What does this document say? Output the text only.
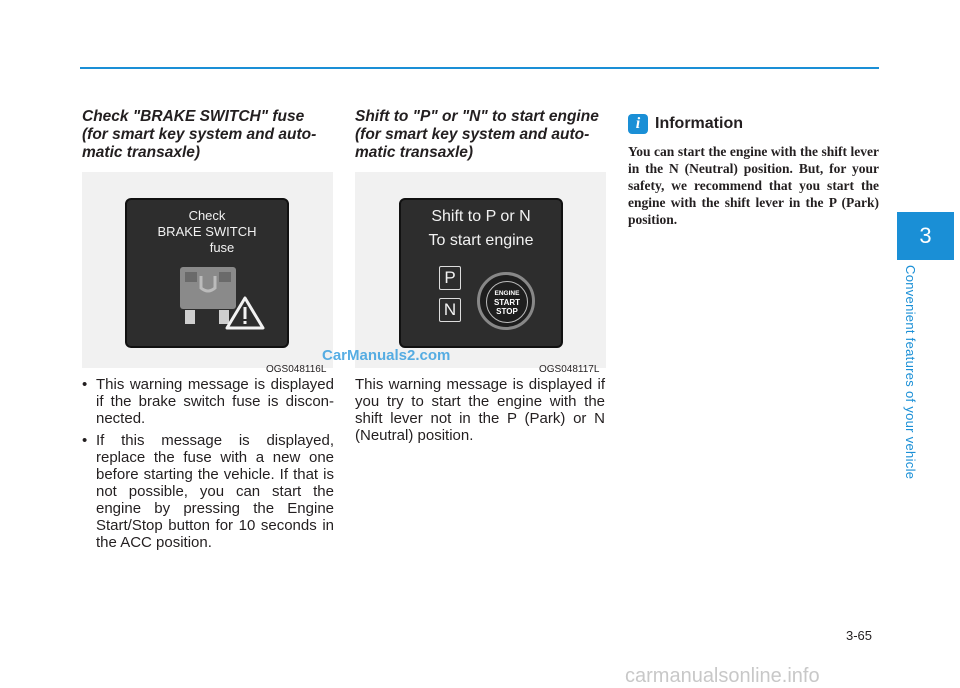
Check "BRAKE SWITCH" fuse (for smart key system and auto-matic transaxle)

Check
BRAKE SWITCH
fuse
OGS048116L
• This warning message is displayed if the brake switch fuse is discon-nected.
• If this message is displayed, replace the fuse with a new one before starting the vehicle. If that is not possible, you can start the engine by pressing the Engine Start/Stop button for 10 seconds in the ACC position.

Shift to "P" or "N" to start engine (for smart key system and auto-matic transaxle)

Shift to P or N
To start engine
P
N
ENGINE
START
STOP
OGS048117L
This warning message is displayed if you try to start the engine with the shift lever not in the P (Park) or N (Neutral) position.
i Information
You can start the engine with the shift lever in the N (Neutral) position. But, for your safety, we recommend that you start the engine with the shift lever in the P (Park) position.
3
Convenient features of your vehicle
3-65
CarManuals2.com
carmanualsonline.info
